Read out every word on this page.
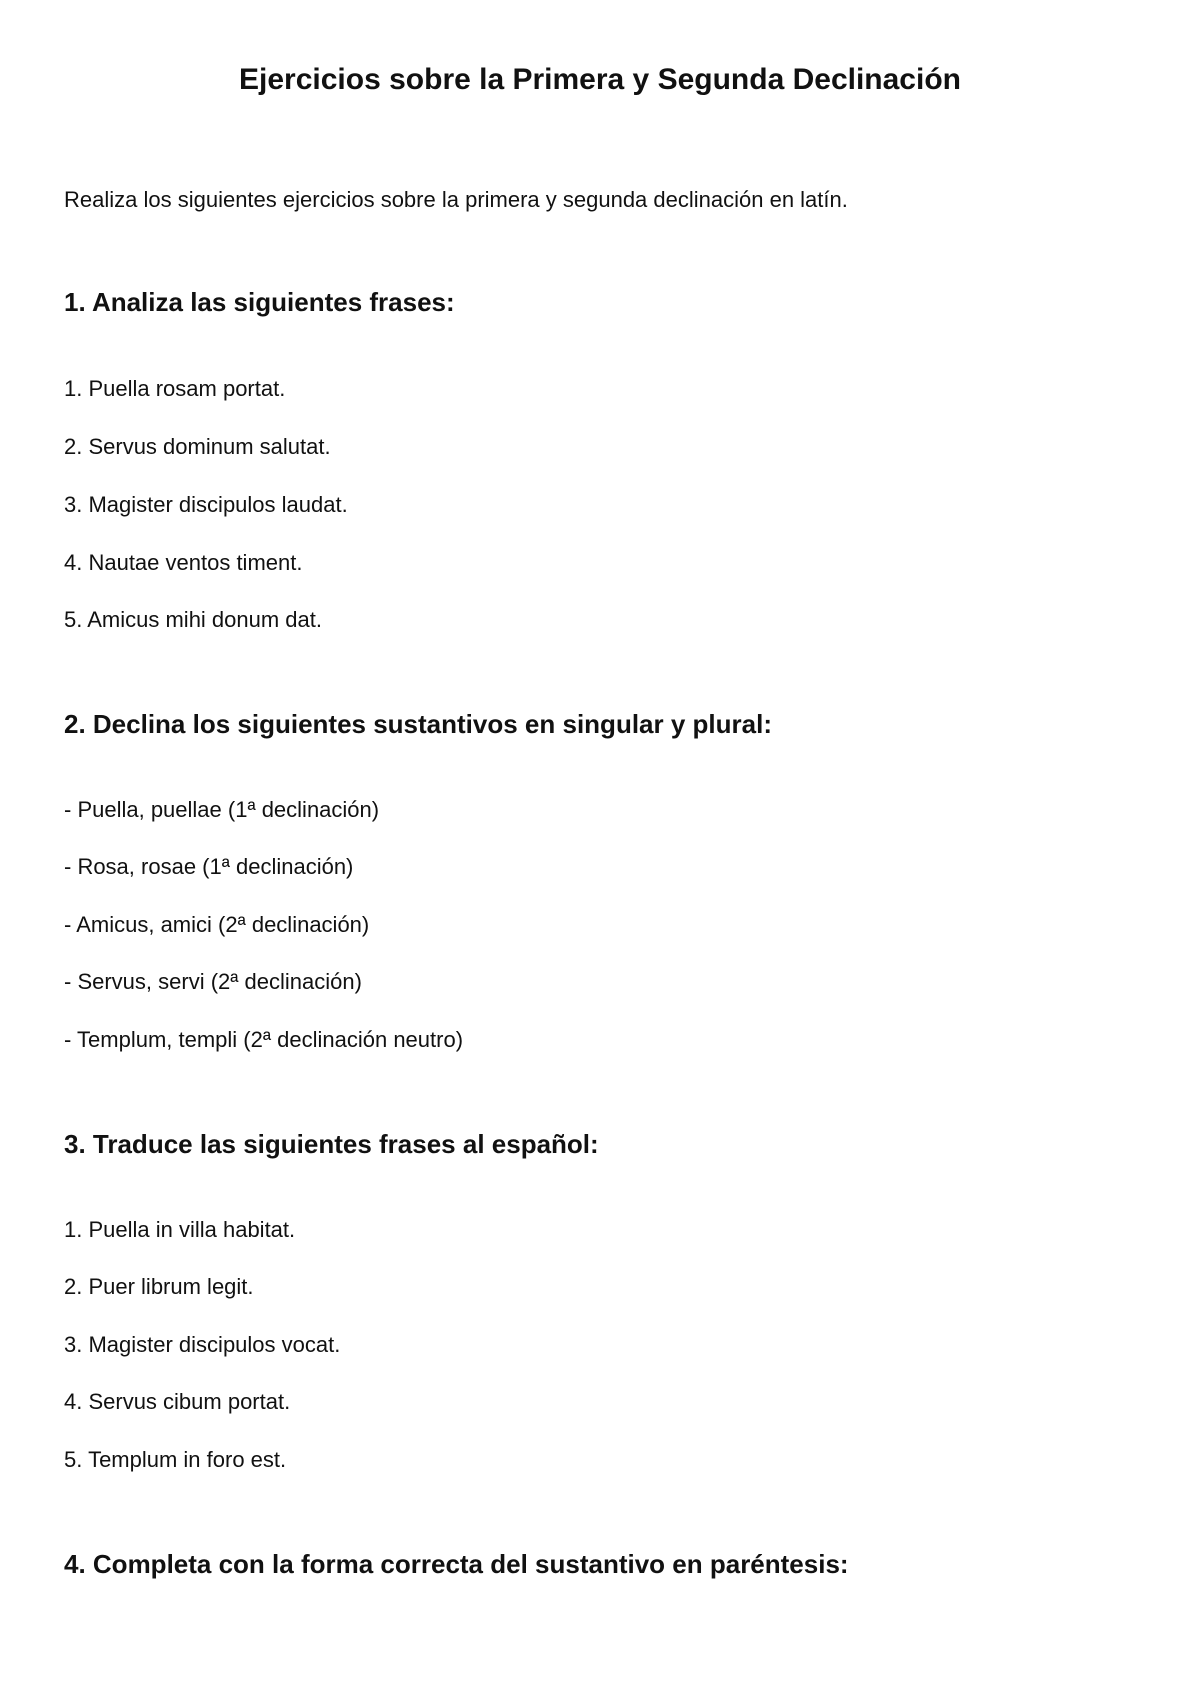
Ejercicios sobre la Primera y Segunda Declinación

Realiza los siguientes ejercicios sobre la primera y segunda declinación en latín.

1. Analiza las siguientes frases:

1. Puella rosam portat.

2. Servus dominum salutat.

3. Magister discipulos laudat.

4. Nautae ventos timent.

5. Amicus mihi donum dat.

2. Declina los siguientes sustantivos en singular y plural:

- Puella, puellae (1ª declinación)

- Rosa, rosae (1ª declinación)

- Amicus, amici (2ª declinación)

- Servus, servi (2ª declinación)

- Templum, templi (2ª declinación neutro)

3. Traduce las siguientes frases al español:

1. Puella in villa habitat.

2. Puer librum legit.

3. Magister discipulos vocat.

4. Servus cibum portat.

5. Templum in foro est.

4. Completa con la forma correcta del sustantivo en paréntesis:
